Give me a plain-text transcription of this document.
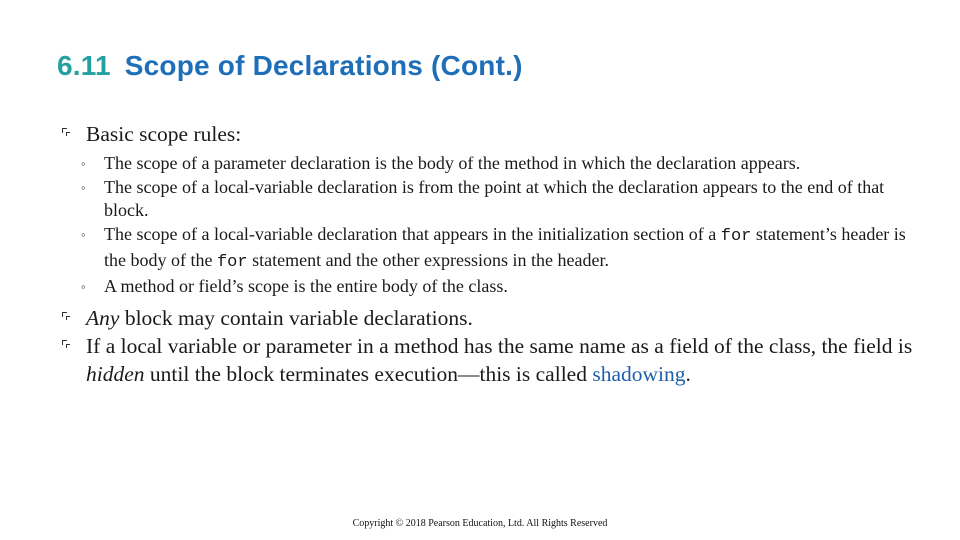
6.11 Scope of Declarations (Cont.)
Basic scope rules:
◦ The scope of a parameter declaration is the body of the method in which the declaration appears.
◦ The scope of a local-variable declaration is from the point at which the declaration appears to the end of that block.
◦ The scope of a local-variable declaration that appears in the initialization section of a for statement’s header is the body of the for statement and the other expressions in the header.
◦ A method or field’s scope is the entire body of the class.
Any block may contain variable declarations.
If a local variable or parameter in a method has the same name as a field of the class, the field is hidden until the block terminates execution—this is called shadowing.
Copyright © 2018 Pearson Education, Ltd. All Rights Reserved
